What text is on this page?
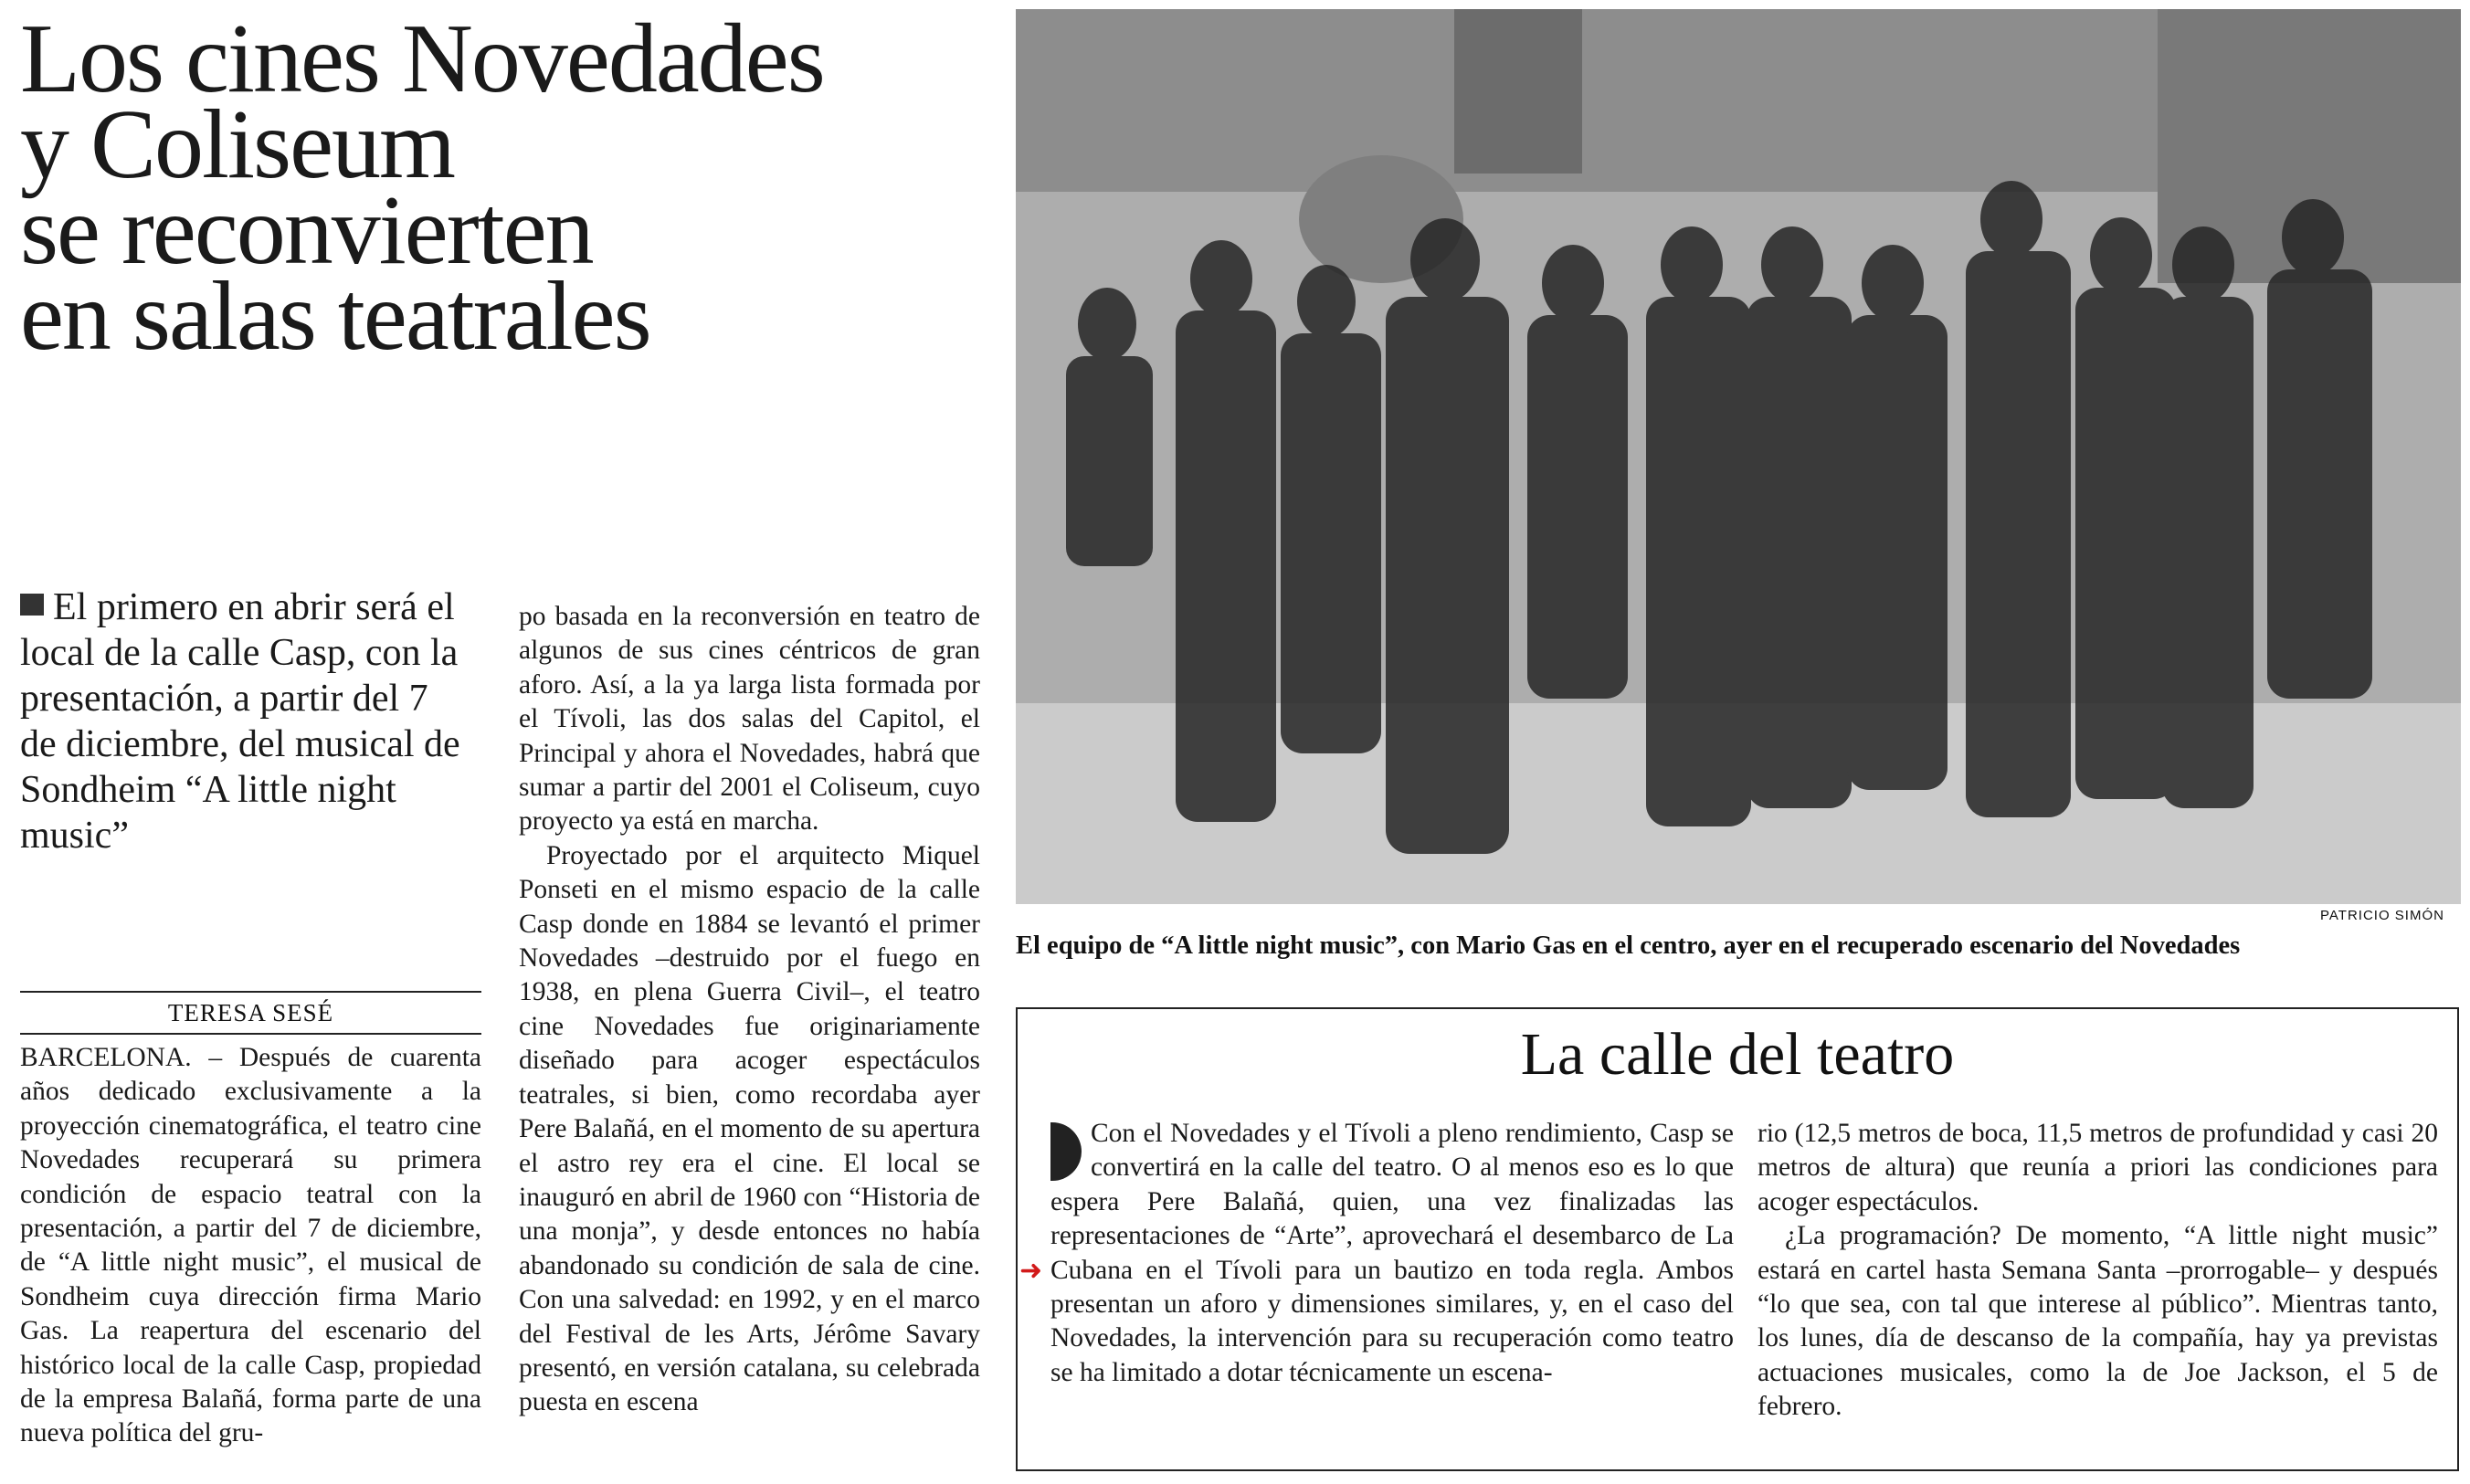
Los cines Novedades
y Coliseum
se reconvierten
en salas teatrales
El primero en abrir será el local de la calle Casp, con la presentación, a partir del 7 de diciembre, del musical de Sondheim “A little night music”
TERESA SESÉ

BARCELONA. – Después de cuarenta años dedicado exclusivamente a la proyección cinematográfica, el teatro cine Novedades recuperará su primera condición de espacio teatral con la presentación, a partir del 7 de diciembre, de “A little night music”, el musical de Sondheim cuya dirección firma Mario Gas. La reapertura del escenario del histórico local de la calle Casp, propiedad de la empresa Balañá, forma parte de una nueva política del gru-

po basada en la reconversión en teatro de algunos de sus cines céntricos de gran aforo. Así, a la ya larga lista formada por el Tívoli, las dos salas del Capitol, el Principal y ahora el Novedades, habrá que sumar a partir del 2001 el Coliseum, cuyo proyecto ya está en marcha.

Proyectado por el arquitecto Miquel Ponseti en el mismo espacio de la calle Casp donde en 1884 se levantó el primer Novedades –destruido por el fuego en 1938, en plena Guerra Civil–, el teatro cine Novedades fue originariamente diseñado para acoger espectáculos teatrales, si bien, como recordaba ayer Pere Balañá, en el momento de su apertura el astro rey era el cine. El local se inauguró en abril de 1960 con “Historia de una monja”, y desde entonces no había abandonado su condición de sala de cine. Con una salvedad: en 1992, y en el marco del Festival de les Arts, Jérôme Savary presentó, en versión catalana, su celebrada puesta en escena

PATRICIO SIMÓN
El equipo de “A little night music”, con Mario Gas en el centro, ayer en el recuperado escenario del Novedades
La calle del teatro
➜

Con el Novedades y el Tívoli a pleno rendimiento, Casp se convertirá en la calle del teatro. O al menos eso es lo que espera Pere Balañá, quien, una vez finalizadas las representaciones de “Arte”, aprovechará el desembarco de La Cubana en el Tívoli para un bautizo en toda regla. Ambos presentan un aforo y dimensiones similares, y, en el caso del Novedades, la intervención para su recuperación como teatro se ha limitado a dotar técnicamente un escena-

rio (12,5 metros de boca, 11,5 metros de profundidad y casi 20 metros de altura) que reunía a priori las condiciones para acoger espectáculos.

¿La programación? De momento, “A little night music” estará en cartel hasta Semana Santa –prorrogable– y después “lo que sea, con tal que interese al público”. Mientras tanto, los lunes, día de descanso de la compañía, hay ya previstas actuaciones musicales, como la de Joe Jackson, el 5 de febrero.
